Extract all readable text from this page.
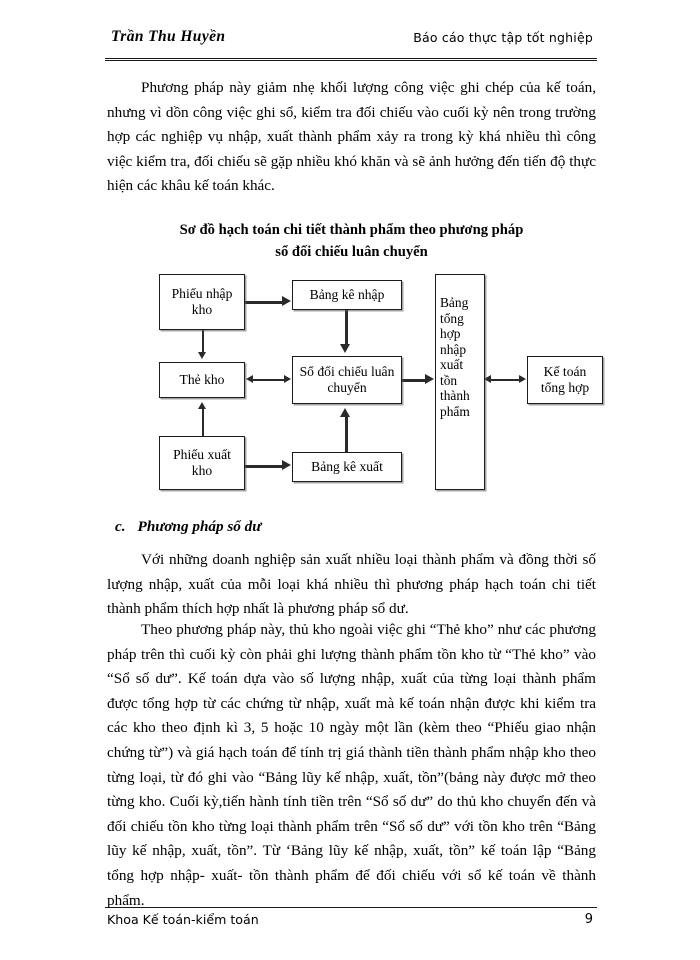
Trần Thu Huyền	Báo cáo thực tập tốt nghiệp
Phương pháp này giảm nhẹ khối lượng công việc ghi chép của kế toán, nhưng vì dồn công việc ghi sổ, kiểm tra đối chiếu vào cuối kỳ nên trong trường hợp các nghiệp vụ nhập, xuất thành phẩm xảy ra trong kỳ khá nhiều thì công việc kiểm tra, đối chiếu sẽ gặp nhiều khó khăn và sẽ ảnh hưởng đến tiến độ thực hiện các khâu kế toán khác.
Sơ đồ hạch toán chi tiết thành phẩm theo phương pháp
sổ đối chiếu luân chuyển
Phiếu nhập kho
Bảng kê nhập
Thẻ kho
Sổ đối chiếu luân chuyển
Phiếu xuất kho	Bảng kê xuất
Bảng tổng hợp nhập xuất tồn thành phẩm
Kế toán tổng hợp
c. Phương pháp sổ dư
Với những doanh nghiệp sản xuất nhiều loại thành phẩm và đồng thời số lượng nhập, xuất của mỗi loại khá nhiều thì phương pháp hạch toán chi tiết thành phẩm thích hợp nhất là phương pháp sổ dư.
Theo phương pháp này, thủ kho ngoài việc ghi “Thẻ kho” như các phương pháp trên thì cuối kỳ còn phải ghi lượng thành phẩm tồn kho từ “Thẻ kho” vào “Sổ số dư”. Kế toán dựa vào số lượng nhập, xuất của từng loại thành phẩm được tổng hợp từ các chứng từ nhập, xuất mà kế toán nhận được khi kiểm tra các kho theo định kì 3, 5 hoặc 10 ngày một lần (kèm theo “Phiếu giao nhận chứng từ”) và giá hạch toán để tính trị giá thành tiền thành phẩm nhập kho theo từng loại, từ đó ghi vào “Bảng lũy kế nhập, xuất, tồn”(bảng này được mở theo từng kho. Cuối kỳ,tiến hành tính tiền trên “Sổ số dư” do thủ kho chuyển đến và đối chiếu tồn kho từng loại thành phẩm trên “Sổ số dư” với tồn kho trên “Bảng lũy kế nhập, xuất, tồn”. Từ ‘Bảng lũy kế nhập, xuất, tồn” kế toán lập “Bảng tổng hợp nhập- xuất- tồn thành phẩm để đối chiếu với sổ kế toán về thành phẩm.
Khoa Kế toán-kiểm toán	9
